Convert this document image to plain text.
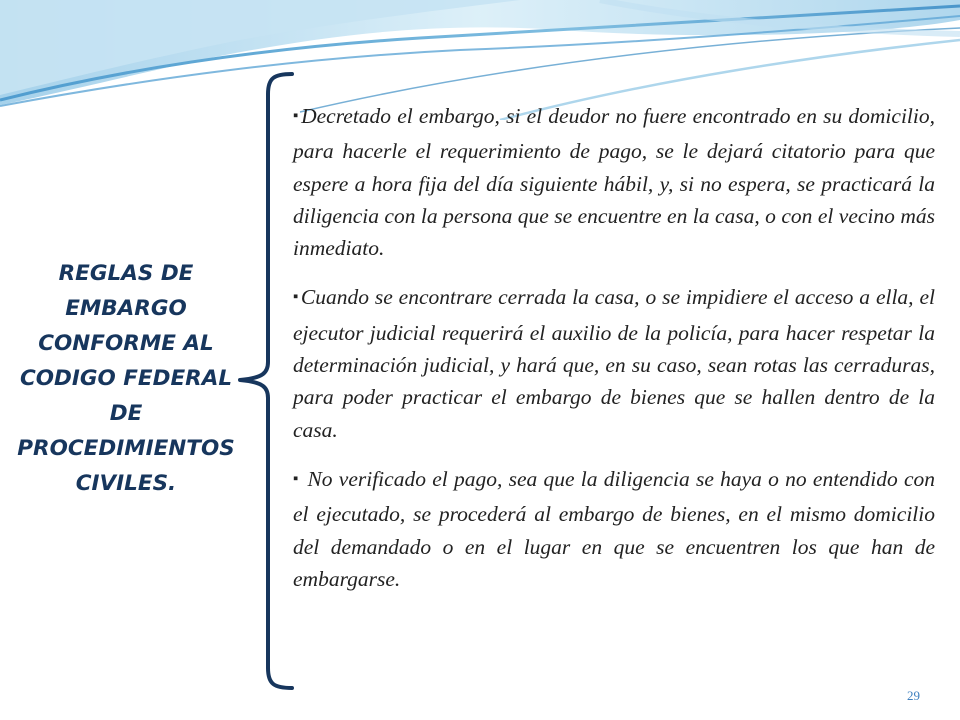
REGLAS DE
EMBARGO
CONFORME AL
CODIGO FEDERAL
DE
PROCEDIMIENTOS
CIVILES.

▪Decretado el embargo, si el deudor no fuere encontrado en su domicilio, para hacerle el requerimiento de pago, se le dejará citatorio para que espere a hora fija del día siguiente hábil, y, si no espera, se practicará la diligencia con la persona que se encuentre en la casa, o con el vecino más inmediato.

▪Cuando se encontrare cerrada la casa, o se impidiere el acceso a ella, el ejecutor judicial requerirá el auxilio de la policía, para hacer respetar la determinación judicial, y hará que, en su caso, sean rotas las cerraduras, para poder practicar el embargo de bienes que se hallen dentro de la casa.

▪ No verificado el pago, sea que la diligencia se haya o no entendido con el ejecutado, se procederá al embargo de bienes, en el mismo domicilio del demandado o en el lugar en que se encuentren los que han de embargarse.

29
